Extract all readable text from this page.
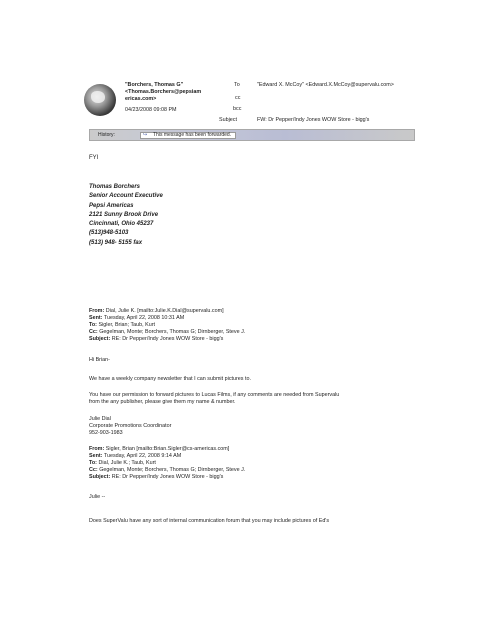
"Borchers, Thomas G"
<Thomas.Borchers@pepsiam
ericas.com>
04/23/2008 09:08 PM
To	"Edward X. McCoy" <Edward.X.McCoy@supervalu.com>
cc
bcc
Subject	FW: Dr Pepper/Indy Jones WOW Store - bigg's
History:	↪ This message has been forwarded.
FYI
Thomas Borchers
Senior Account Executive
Pepsi Americas
2121 Sunny Brook Drive
Cincinnati, Ohio 45237
(513)948-5103
(513) 948- 5155 fax
From: Dial, Julie K. [mailto:Julie.K.Dial@supervalu.com]
Sent: Tuesday, April 22, 2008 10:31 AM
To: Sigler, Brian; Taub, Kurt
Cc: Gegelman, Monte; Borchers, Thomas G; Dirnberger, Steve J.
Subject: RE: Dr Pepper/Indy Jones WOW Store - bigg's
Hi Brian-
We have a weekly company newsletter that I can submit pictures to.
You have our permission to forward pictures to Lucas Films, if any comments are needed from Supervalu
from the any publisher, please give them my name & number.
Julie Dial
Corporate Promotions Coordinator
952-903-1983
From: Sigler, Brian [mailto:Brian.Sigler@cs-americas.com]
Sent: Tuesday, April 22, 2008 9:14 AM
To: Dial, Julie K.; Taub, Kurt
Cc: Gegelman, Monte; Borchers, Thomas G; Dirnberger, Steve J.
Subject: RE: Dr Pepper/Indy Jones WOW Store - bigg's
Julie --
Does SuperValu have any sort of internal communication forum that you may include pictures of Ed's
